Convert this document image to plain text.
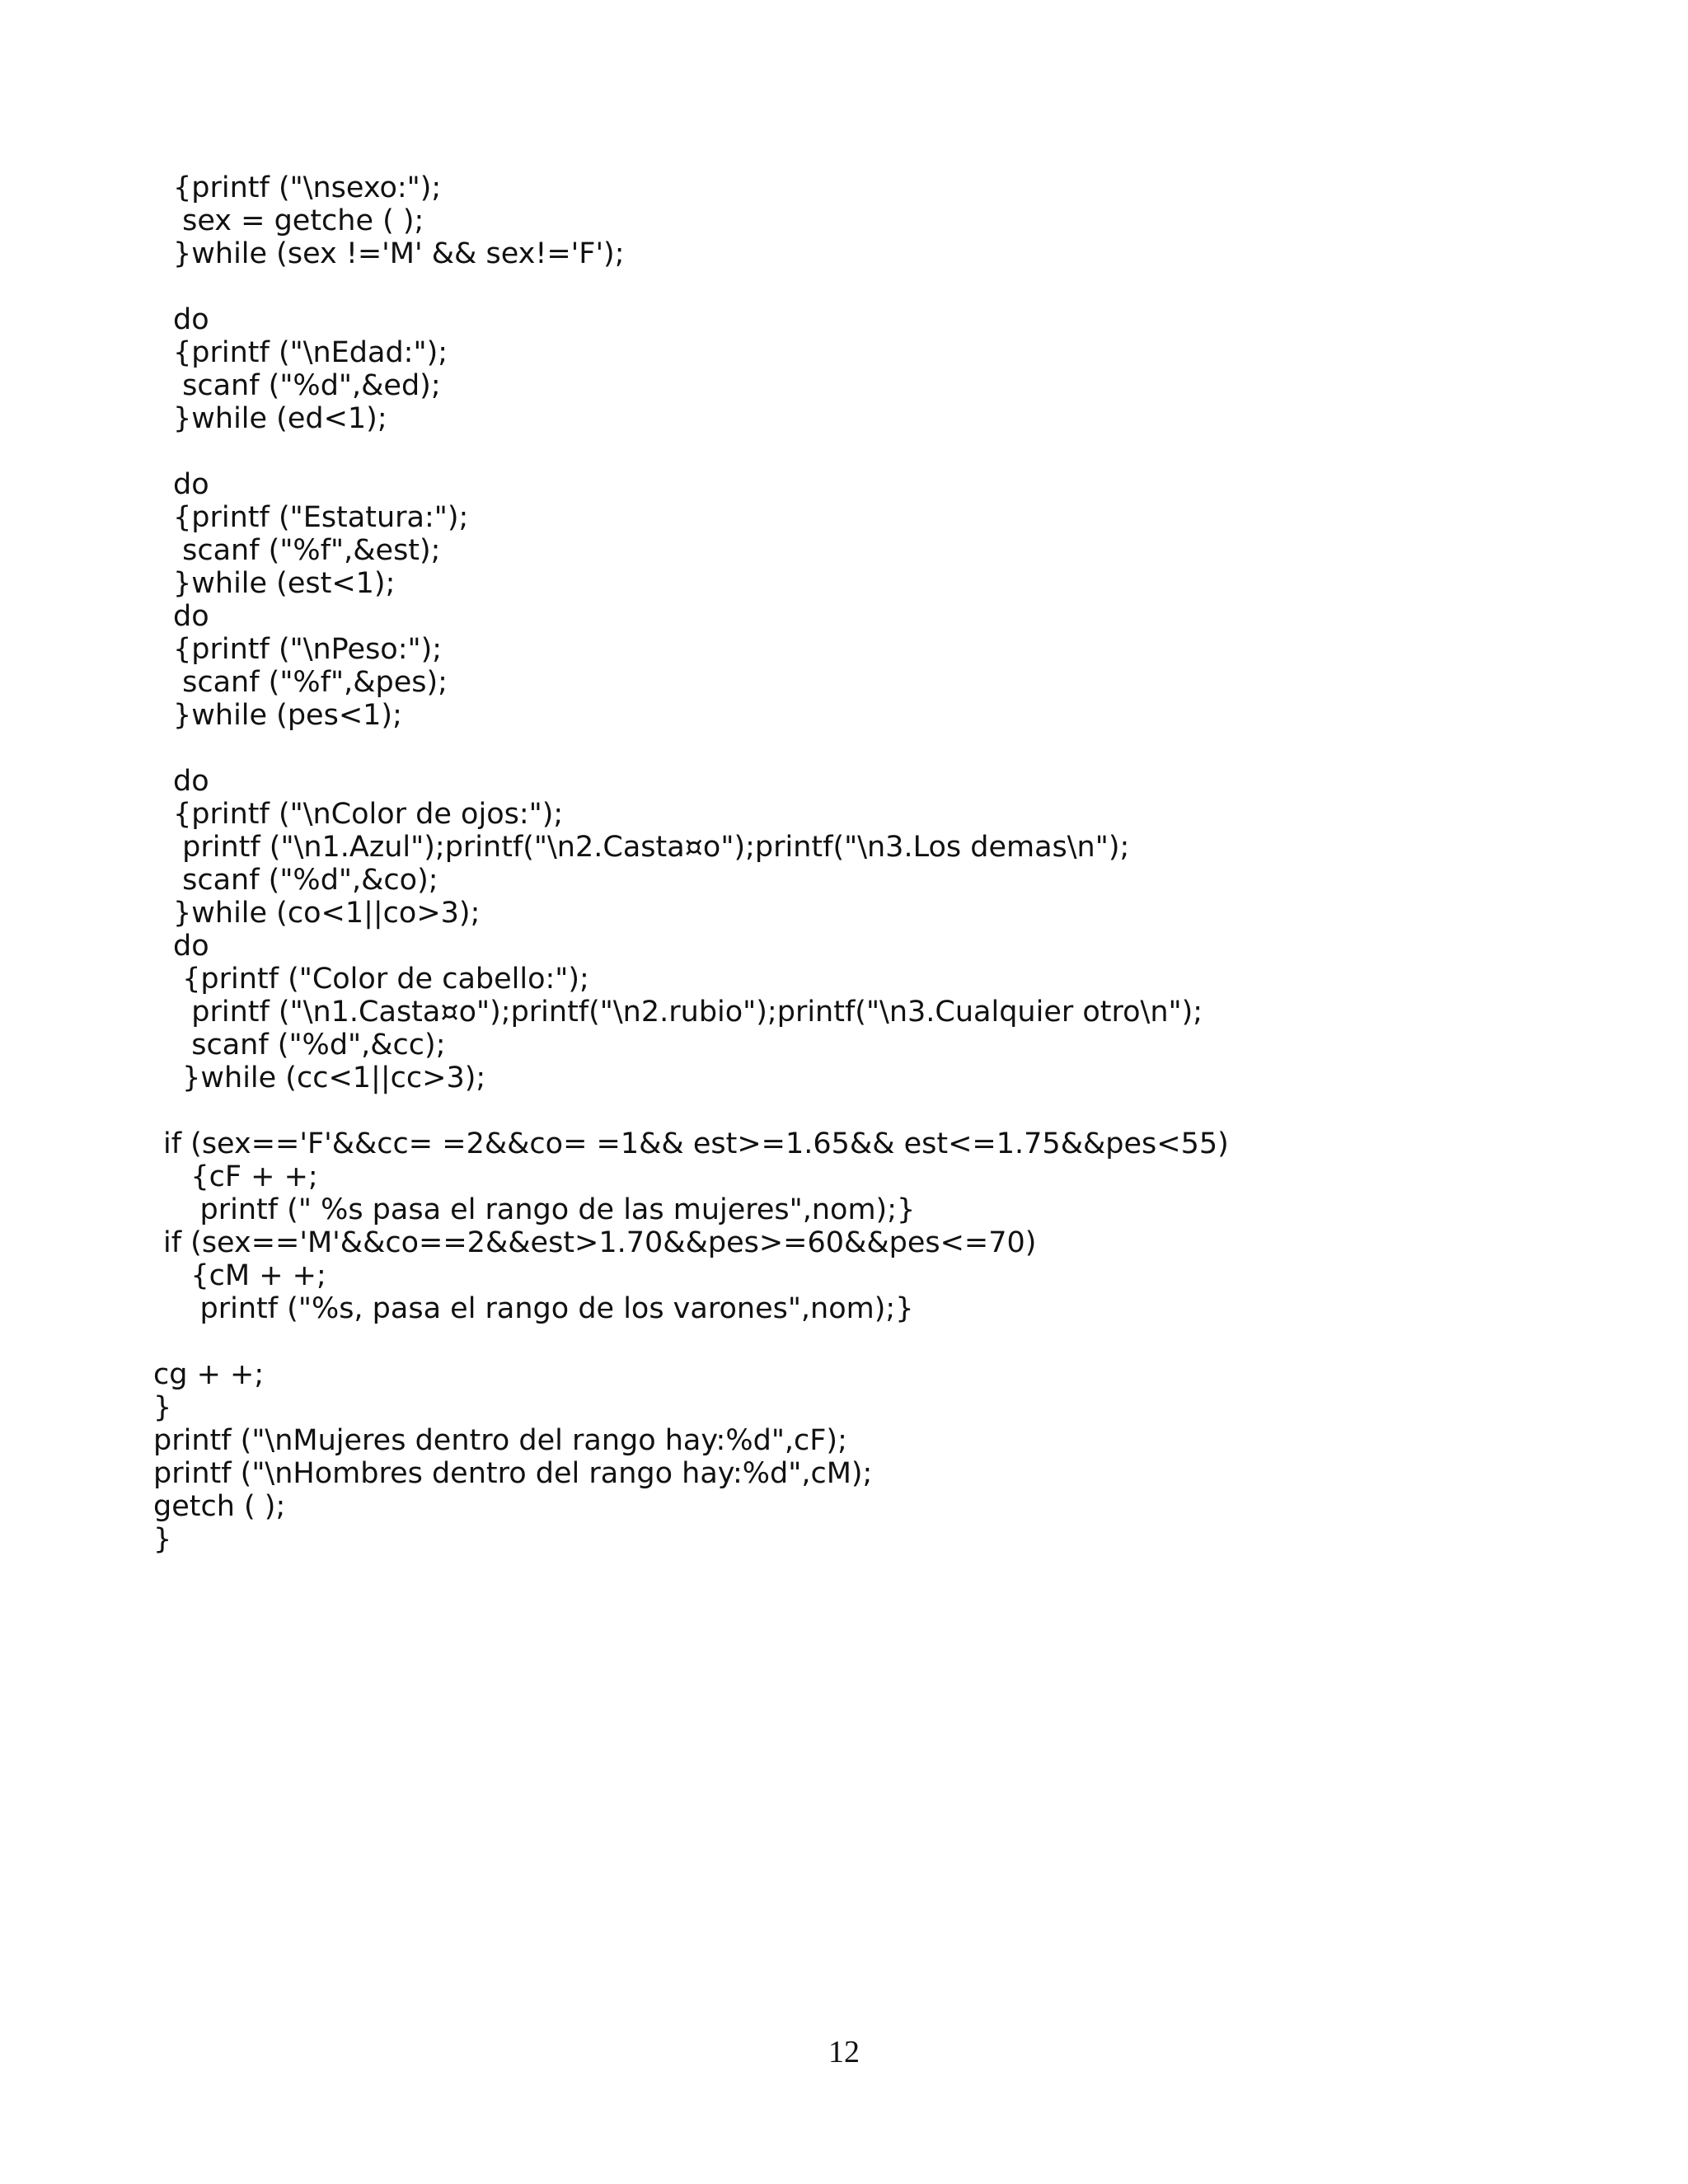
{printf ("\nsexo:");
sex = getche ( );
}while (sex !='M' && sex!='F');
do
{printf ("\nEdad:");
scanf ("%d",&ed);
}while (ed<1);
do
{printf ("Estatura:");
scanf ("%f",&est);
}while (est<1);
do
{printf ("\nPeso:");
scanf ("%f",&pes);
}while (pes<1);
do
{printf ("\nColor de ojos:");
printf ("\n1.Azul");printf("\n2.Casta¤o");printf("\n3.Los demas\n");
scanf ("%d",&co);
}while (co<1||co>3);
do
{printf ("Color de cabello:");
printf ("\n1.Casta¤o");printf("\n2.rubio");printf("\n3.Cualquier otro\n");
scanf ("%d",&cc);
}while (cc<1||cc>3);
if (sex=='F'&&cc= =2&&co= =1&& est>=1.65&& est<=1.75&&pes<55)
{cF + +;
printf (" %s pasa el rango de las mujeres",nom);}
if (sex=='M'&&co==2&&est>1.70&&pes>=60&&pes<=70)
{cM + +;
printf ("%s, pasa el rango de los varones",nom);}
cg + +;
}
printf ("\nMujeres dentro del rango hay:%d",cF);
printf ("\nHombres dentro del rango hay:%d",cM);
getch ( );
}
12
